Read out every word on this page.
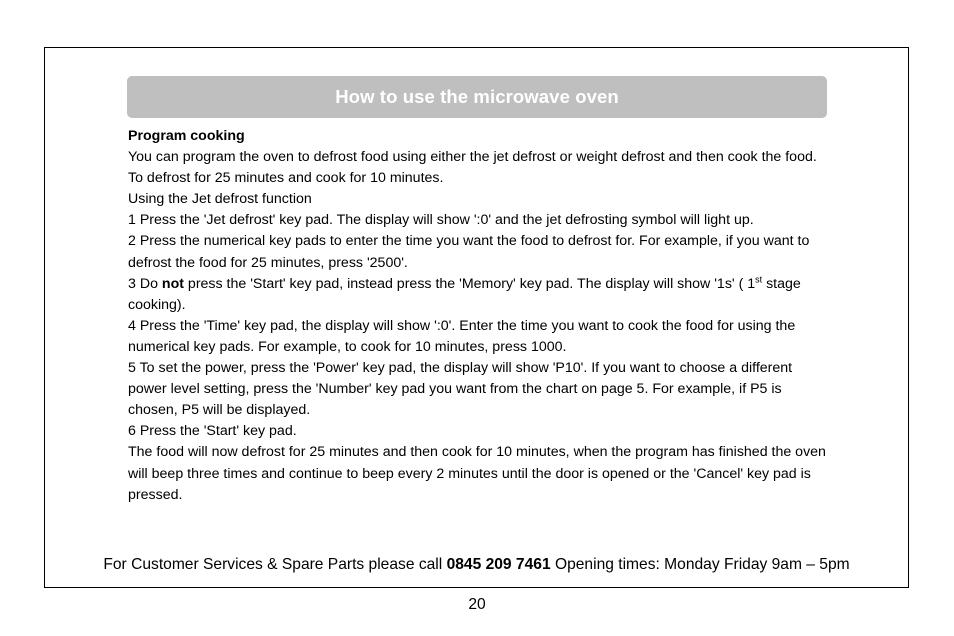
How to use the microwave oven

Program cooking

You can program the oven to defrost food using either the jet defrost or weight defrost and then cook the food. To defrost for 25 minutes and cook for 10 minutes.

Using the Jet defrost function

1 Press the 'Jet defrost' key pad. The display will show ':0' and the jet defrosting symbol will light up.

2 Press the numerical key pads to enter the time you want the food to defrost for. For example, if you want to defrost the food for 25 minutes, press '2500'.

3 Do not press the 'Start' key pad, instead press the 'Memory' key pad. The display will show '1s' ( 1st stage cooking).

4 Press the 'Time' key pad, the display will show ':0'. Enter the time you want to cook the food for using the numerical key pads. For example, to cook for 10 minutes, press 1000.

5 To set the power, press the 'Power' key pad, the display will show 'P10'. If you want to choose a different power level setting, press the 'Number' key pad you want from the chart on page 5. For example, if P5 is chosen, P5 will be displayed.

6 Press the 'Start' key pad.

The food will now defrost for 25 minutes and then cook for 10 minutes, when the program has finished the oven will beep three times and continue to beep every 2 minutes until the door is opened or the 'Cancel' key pad is pressed.

For Customer Services & Spare Parts please call 0845 209 7461 Opening times: Monday Friday 9am – 5pm
20
